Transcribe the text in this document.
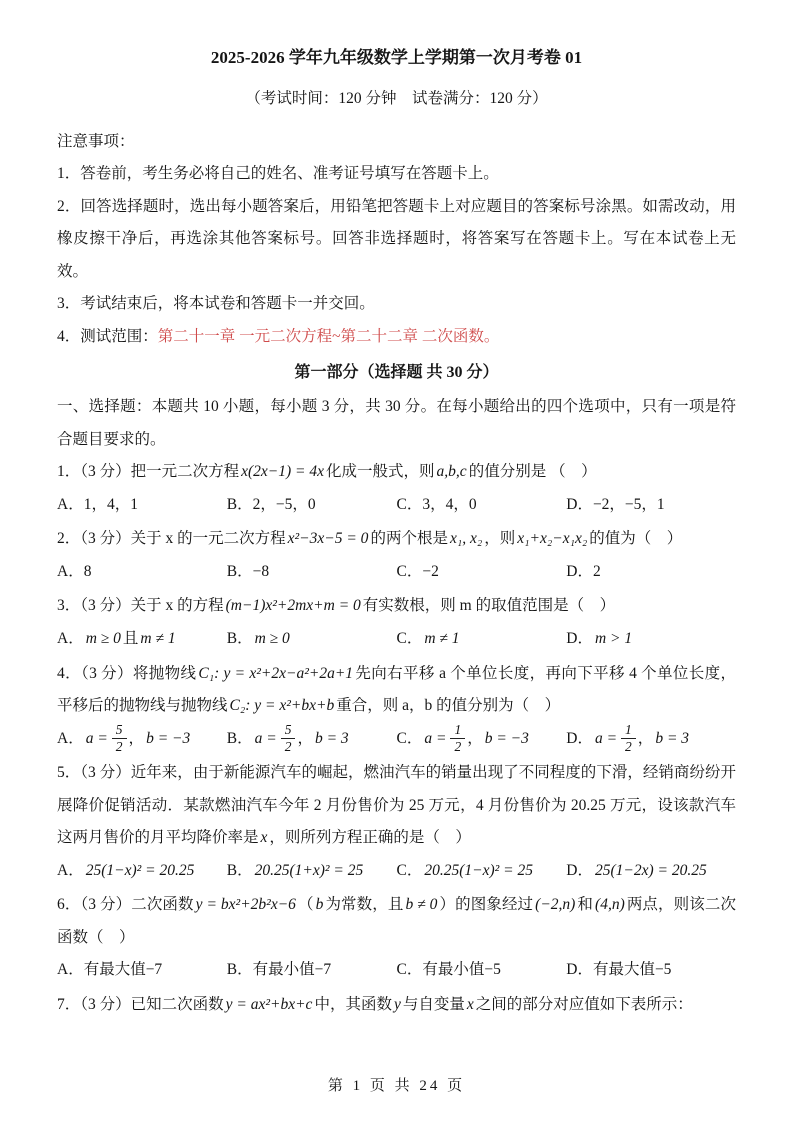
2025-2026 学年九年级数学上学期第一次月考卷 01

（考试时间：120 分钟　试卷满分：120 分）

注意事项：

1．答卷前，考生务必将自己的姓名、准考证号填写在答题卡上。

2．回答选择题时，选出每小题答案后，用铅笔把答题卡上对应题目的答案标号涂黑。如需改动，用橡皮擦干净后，再选涂其他答案标号。回答非选择题时，将答案写在答题卡上。写在本试卷上无效。

3．考试结束后，将本试卷和答题卡一并交回。

4．测试范围：第二十一章 一元二次方程~第二十二章 二次函数。

第一部分（选择题 共 30 分）

一、选择题：本题共 10 小题，每小题 3 分，共 30 分。在每小题给出的四个选项中，只有一项是符合题目要求的。

1．（3 分）把一元二次方程 x(2x−1) = 4x 化成一般式，则 a,b,c 的值分别是 （　）

A．1，4，1	B．2，−5，0	C．3，4，0	D．−2，−5，1

2．（3 分）关于 x 的一元二次方程 x²−3x−5 = 0 的两个根是 x₁, x₂ ，则 x₁+x₂−x₁x₂ 的值为（　）

A．8	B．−8	C．−2	D．2

3．（3 分）关于 x 的方程 (m−1)x²+2mx+m = 0 有实数根，则 m 的取值范围是（　）

A． m ≥ 0 且 m ≠ 1	B． m ≥ 0	C． m ≠ 1	D． m > 1

4．（3 分）将抛物线 C₁: y = x²+2x−a²+2a+1 先向右平移 a 个单位长度，再向下平移 4 个单位长度，平移后的抛物线与抛物线 C₂: y = x²+bx+b 重合，则 a，b 的值分别为（　）

A． $a = \frac{5}{2}$ ， b = −3	B． $a = \frac{5}{2}$ ， b = 3	C． $a = \frac{1}{2}$ ， b = −3	D． $a = \frac{1}{2}$ ， b = 3

5．（3 分）近年来，由于新能源汽车的崛起，燃油汽车的销量出现了不同程度的下滑，经销商纷纷开展降价促销活动．某款燃油汽车今年 2 月份售价为 25 万元，4 月份售价为 20.25 万元，设该款汽车这两月售价的月平均降价率是 x ，则所列方程正确的是（　）

A． 25(1−x)² = 20.25	B． 20.25(1+x)² = 25	C． 20.25(1−x)² = 25	D． 25(1−2x) = 20.25

6．（3 分）二次函数 y = bx²+2b²x−6 （ b 为常数，且 b ≠ 0 ）的图象经过 (−2,n) 和 (4,n) 两点，则该二次函数（　）

A．有最大值−7	B．有最小值−7	C．有最小值−5	D．有最大值−5

7．（3 分）已知二次函数 y = ax²+bx+c 中，其函数 y 与自变量 x 之间的部分对应值如下表所示：

第 1 页 共 24 页
